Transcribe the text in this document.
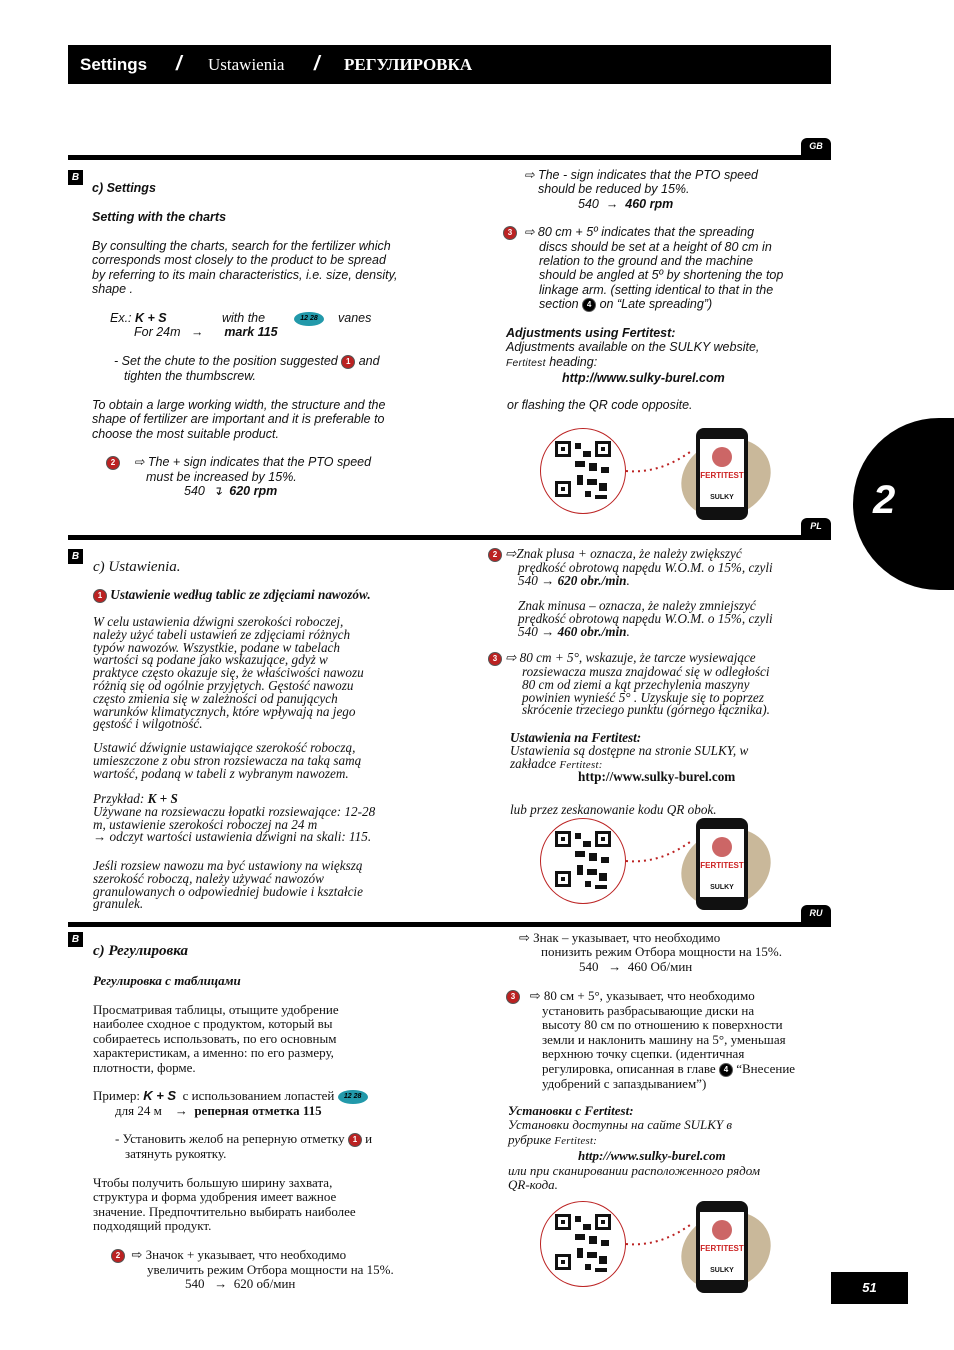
Settings / Ustawienia / РЕГУЛИРОВКА
2
51
GB
B
c) Settings
Setting with the charts
By consulting the charts, search for the fertilizer which
corresponds most closely to the product to be spread
by referring to its main characteristics, i.e. size, density,
shape .
Ex.: K + S	with the	12 28	vanes
For 24m → mark 115
- Set the chute to the position suggested 1 and
tighten the thumbscrew.
To obtain a large working width, the structure and the
shape of fertilizer are important and it is preferable to
choose the most suitable product.
2 ⇨ The + sign indicates that the PTO speed
must be increased by 15%.
540 ↴ 620 rpm
⇨ The - sign indicates that the PTO speed
should be reduced by 15%.
540 → 460 rpm
3 ⇨ 80 cm + 5º indicates that the spreading

discs should be set at a height of 80 cm in
relation to the ground and the machine
should be angled at 5º by shortening the top
linkage arm. (setting identical to that in the
section 4 on “Late spreading”)
Adjustments using Fertitest:
Adjustments available on the SULKY website,
Fertitest heading:
http://www.sulky-burel.com
or flashing the QR code opposite.
FERTITEST
SULKY
PL
B
c) Ustawienia.
1 Ustawienie według tablic ze zdjęciami nawozów.
W celu ustawienia dźwigni szerokości roboczej,
należy użyć tabeli ustawień ze zdjęciami różnych
typów nawozów. Wszystkie, podane w tabelach
wartości są podane jako wskazujące, gdyż w
praktyce często okazuje się, że właściwości nawozu
różnią się od ogólnie przyjętych. Gęstość nawozu
często zmienia się w zależności od panujących
warunków klimatycznych, które wpływają na jego
gęstość i wilgotność.
Ustawić dźwignie ustawiające szerokość roboczą,
umieszczone z obu stron rozsiewacza na taką samą
wartość, podaną w tabeli z wybranym nawozem.
Przykład: K + S
Używane na rozsiewaczu łopatki rozsiewające: 12-28
m, ustawienie szerokości roboczej na 24 m
→ odczyt wartości ustawienia dźwigni na skali: 115.
Jeśli rozsiew nawozu ma być ustawiony na większą
szerokość roboczą, należy używać nawozów
granulowanych o odpowiedniej budowie i kształcie
granulek.
2 ⇨Znak plusa + oznacza, że należy zwiększyć

prędkość obrotową napędu W.O.M. o 15%, czyli
540 → 620 obr./min.
Znak minusa – oznacza, że należy zmniejszyć
prędkość obrotową napędu W.O.M. o 15%, czyli
540 → 460 obr./min.
3 ⇨ 80 cm + 5°, wskazuje, że tarcze wysiewające

rozsiewacza musza znajdować się w odległości
80 cm od ziemi a kąt przechylenia maszyny
powinien wynieść 5° . Uzyskuje się to poprzez
skrócenie trzeciego punktu (górnego łącznika).
Ustawienia na Fertitest:
Ustawienia są dostępne na stronie SULKY, w
zakładce Fertitest:
http://www.sulky-burel.com
lub przez zeskanowanie kodu QR obok.
FERTITEST
SULKY
RU
B
c) Регулировка
Регулировка с таблицами
Просматривая таблицы, отыщите удобрение
наиболее сходное с продуктом, который вы
собираетесь использовать, по его основным
характеристикам, а именно: по его размеру,
плотности, форме.
Пример: K + S с использованием лопастей 12 28
для 24 м → реперная отметка 115
- Установить желоб на реперную отметку 1 и
затянуть рукоятку.
Чтобы получить большую ширину захвата,
структура и форма удобрения имеет важное
значение. Предпочтительно выбирать наиболее
подходящий продукт.
2 ⇨ Значок + указывает, что необходимо
увеличить режим Отбора мощности на 15%.
540 → 620 об/мин
⇨ Знак – указывает, что необходимо
понизить режим Отбора мощности на 15%.
540 → 460 Об/мин
3 ⇨ 80 см + 5°, указывает, что необходимо
установить разбрасывающие диски на
высоту 80 см по отношению к поверхности
земли и наклонить машину на 5°, уменьшая
верхнюю точку сцепки. (идентичная
регулировка, описанная в главе 4 “Внесение
удобрений с запаздыванием”)
Установки с Fertitest:
Установки доступны на сайте SULKY в
рубрике Fertitest:
http://www.sulky-burel.com
или при сканировании расположенного рядом
QR-кода.
FERTITEST
SULKY
